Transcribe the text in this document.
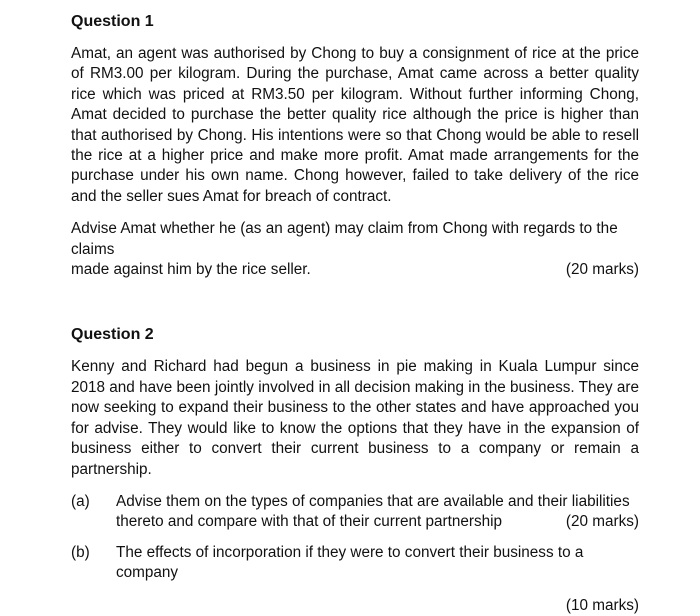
Question 1

Amat, an agent was authorised by Chong to buy a consignment of rice at the price of RM3.00 per kilogram. During the purchase, Amat came across a better quality rice which was priced at RM3.50 per kilogram. Without further informing Chong, Amat decided to purchase the better quality rice although the price is higher than that authorised by Chong. His intentions were so that Chong would be able to resell the rice at a higher price and make more profit. Amat made arrangements for the purchase under his own name. Chong however, failed to take delivery of the rice and the seller sues Amat for breach of contract.

Advise Amat whether he (as an agent) may claim from Chong with regards to the claims
made against him by the rice seller.	(20 marks)
Question 2

Kenny and Richard had begun a business in pie making in Kuala Lumpur since 2018 and have been jointly involved in all decision making in the business. They are now seeking to expand their business to the other states and have approached you for advise. They would like to know the options that they have in the expansion of business either to convert their current business to a company or remain a partnership.

(a)	Advise them on the types of companies that are available and their liabilities
thereto and compare with that of their current partnership	(20 marks)
(b)	The effects of incorporation if they were to convert their business to a company
(10 marks)
